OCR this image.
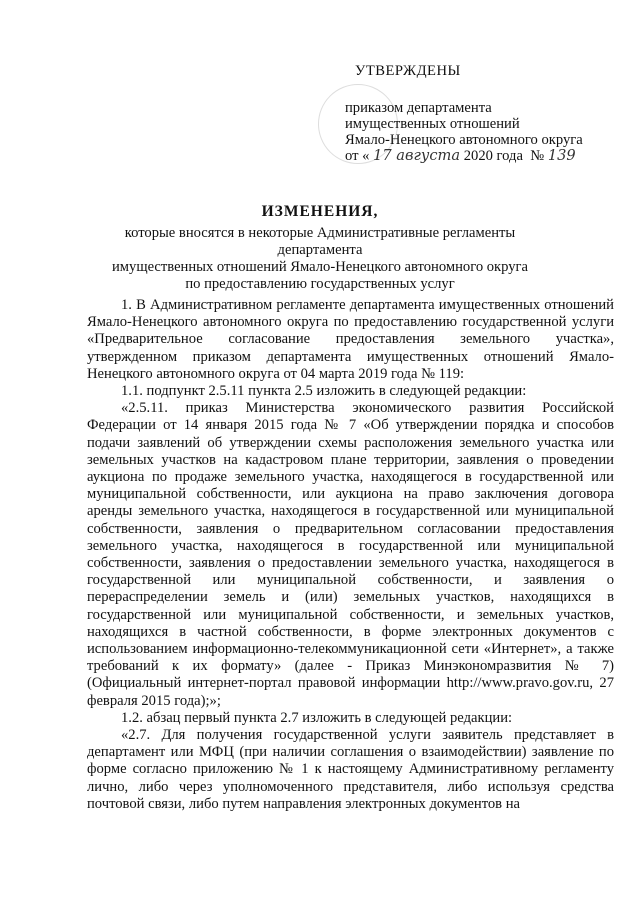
УТВЕРЖДЕНЫ
приказом департамента
имущественных отношений
Ямало-Ненецкого автономного округа
от « 17 августа 2020 года № 139
ИЗМЕНЕНИЯ,
которые вносятся в некоторые Административные регламенты департамента
имущественных отношений Ямало-Ненецкого автономного округа
по предоставлению государственных услуг

1. В Административном регламенте департамента имущественных отношений Ямало-Ненецкого автономного округа по предоставлению государственной услуги «Предварительное согласование предоставления земельного участка», утвержденном приказом департамента имущественных отношений Ямало-Ненецкого автономного округа от 04 марта 2019 года № 119:

1.1. подпункт 2.5.11 пункта 2.5 изложить в следующей редакции:

«2.5.11. приказ Министерства экономического развития Российской Федерации от 14 января 2015 года № 7 «Об утверждении порядка и способов подачи заявлений об утверждении схемы расположения земельного участка или земельных участков на кадастровом плане территории, заявления о проведении аукциона по продаже земельного участка, находящегося в государственной или муниципальной собственности, или аукциона на право заключения договора аренды земельного участка, находящегося в государственной или муниципальной собственности, заявления о предварительном согласовании предоставления земельного участка, находящегося в государственной или муниципальной собственности, заявления о предоставлении земельного участка, находящегося в государственной или муниципальной собственности, и заявления о перераспределении земель и (или) земельных участков, находящихся в государственной или муниципальной собственности, и земельных участков, находящихся в частной собственности, в форме электронных документов с использованием информационно-телекоммуникационной сети «Интернет», а также требований к их формату» (далее - Приказ Минэкономразвития № 7) (Официальный интернет-портал правовой информации http://www.pravo.gov.ru, 27 февраля 2015 года);»;

1.2. абзац первый пункта 2.7 изложить в следующей редакции:

«2.7. Для получения государственной услуги заявитель представляет в департамент или МФЦ (при наличии соглашения о взаимодействии) заявление по форме согласно приложению № 1 к настоящему Административному регламенту лично, либо через уполномоченного представителя, либо используя средства почтовой связи, либо путем направления электронных документов на
